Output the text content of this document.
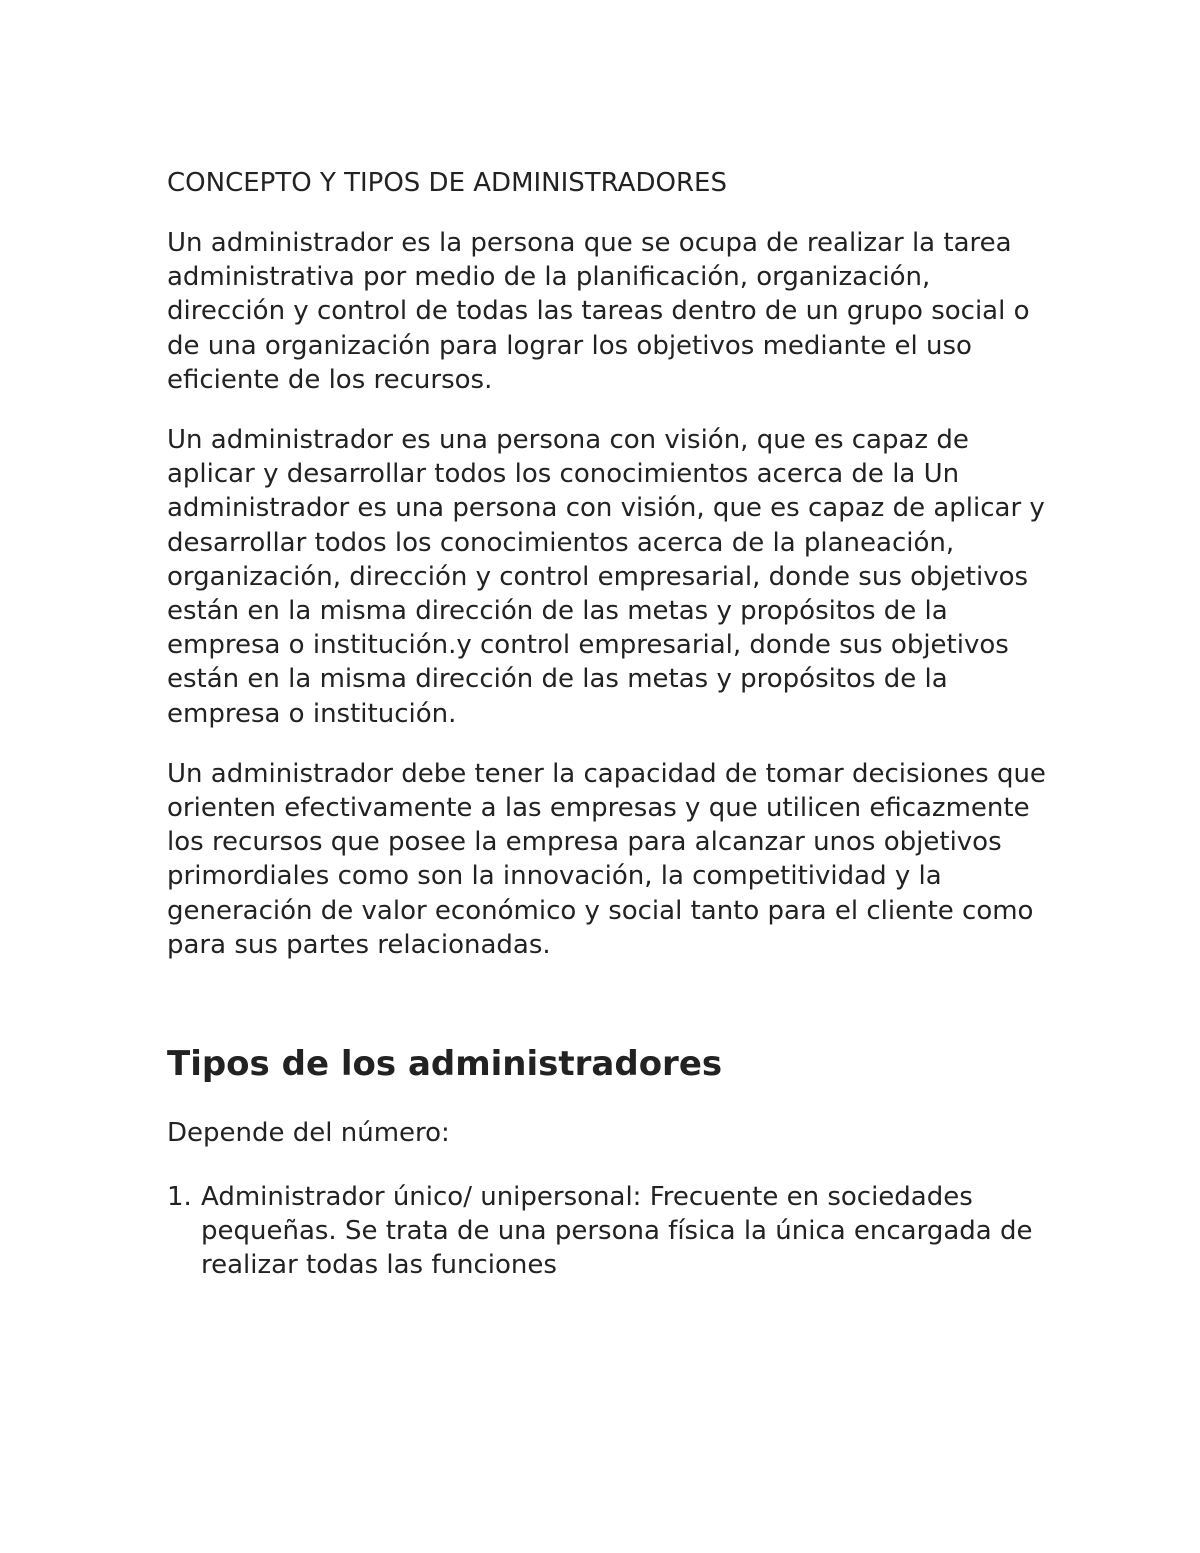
CONCEPTO Y TIPOS DE ADMINISTRADORES

Un administrador es la persona que se ocupa de realizar la tarea administrativa por medio de la planificación, organización, dirección y control de todas las tareas dentro de un grupo social o de una organización para lograr los objetivos mediante el uso eficiente de los recursos.

Un administrador es una persona con visión, que es capaz de aplicar y desarrollar todos los conocimientos acerca de la Un administrador es una persona con visión, que es capaz de aplicar y desarrollar todos los conocimientos acerca de la planeación, organización, dirección y control empresarial, donde sus objetivos están en la misma dirección de las metas y propósitos de la empresa o institución.y control empresarial, donde sus objetivos están en la misma dirección de las metas y propósitos de la empresa o institución.

Un administrador debe tener la capacidad de tomar decisiones que orienten efectivamente a las empresas y que utilicen eficazmente los recursos que posee la empresa para alcanzar unos objetivos primordiales como son la innovación, la competitividad y la generación de valor económico y social tanto para el cliente como para sus partes relacionadas.

Tipos de los administradores

Depende del número:

1. Administrador único/ unipersonal: Frecuente en sociedades pequeñas. Se trata de una persona física la única encargada de realizar todas las funciones
